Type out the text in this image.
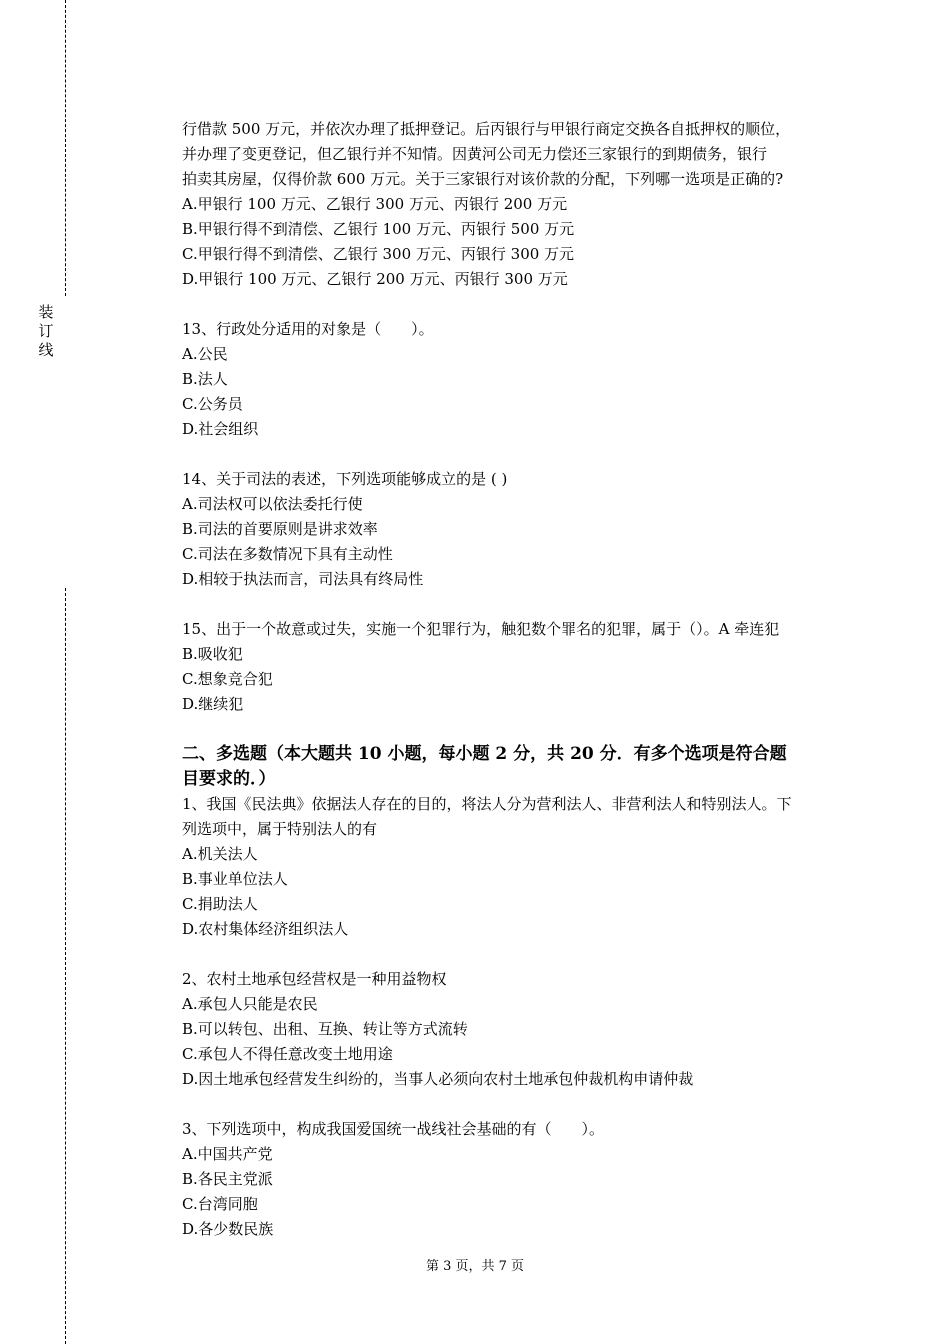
装
订
线

行借款 500 万元，并依次办理了抵押登记。后丙银行与甲银行商定交换各自抵押权的顺位，

并办理了变更登记，但乙银行并不知情。因黄河公司无力偿还三家银行的到期债务，银行

拍卖其房屋，仅得价款 600 万元。关于三家银行对该价款的分配，下列哪一选项是正确的?

A.甲银行 100 万元、乙银行 300 万元、丙银行 200 万元

B.甲银行得不到清偿、乙银行 100 万元、丙银行 500 万元

C.甲银行得不到清偿、乙银行 300 万元、丙银行 300 万元

D.甲银行 100 万元、乙银行 200 万元、丙银行 300 万元

13、行政处分适用的对象是（　　）。

A.公民

B.法人

C.公务员

D.社会组织

14、关于司法的表述，下列选项能够成立的是 ( )

A.司法权可以依法委托行使

B.司法的首要原则是讲求效率

C.司法在多数情况下具有主动性

D.相较于执法而言，司法具有终局性

15、出于一个故意或过失，实施一个犯罪行为，触犯数个罪名的犯罪，属于（）。A 牵连犯

B.吸收犯

C.想象竞合犯

D.继续犯

二、多选题（本大题共 10 小题，每小题 2 分，共 20 分．有多个选项是符合题

目要求的．）

1、我国《民法典》依据法人存在的目的，将法人分为营利法人、非营利法人和特别法人。下

列选项中，属于特别法人的有

A.机关法人

B.事业单位法人

C.捐助法人

D.农村集体经济组织法人

2、农村土地承包经营权是一种用益物权

A.承包人只能是农民

B.可以转包、出租、互换、转让等方式流转

C.承包人不得任意改变土地用途

D.因土地承包经营发生纠纷的，当事人必须向农村土地承包仲裁机构申请仲裁

3、下列选项中，构成我国爱国统一战线社会基础的有（　　）。

A.中国共产党

B.各民主党派

C.台湾同胞

D.各少数民族

第 3 页，共 7 页
